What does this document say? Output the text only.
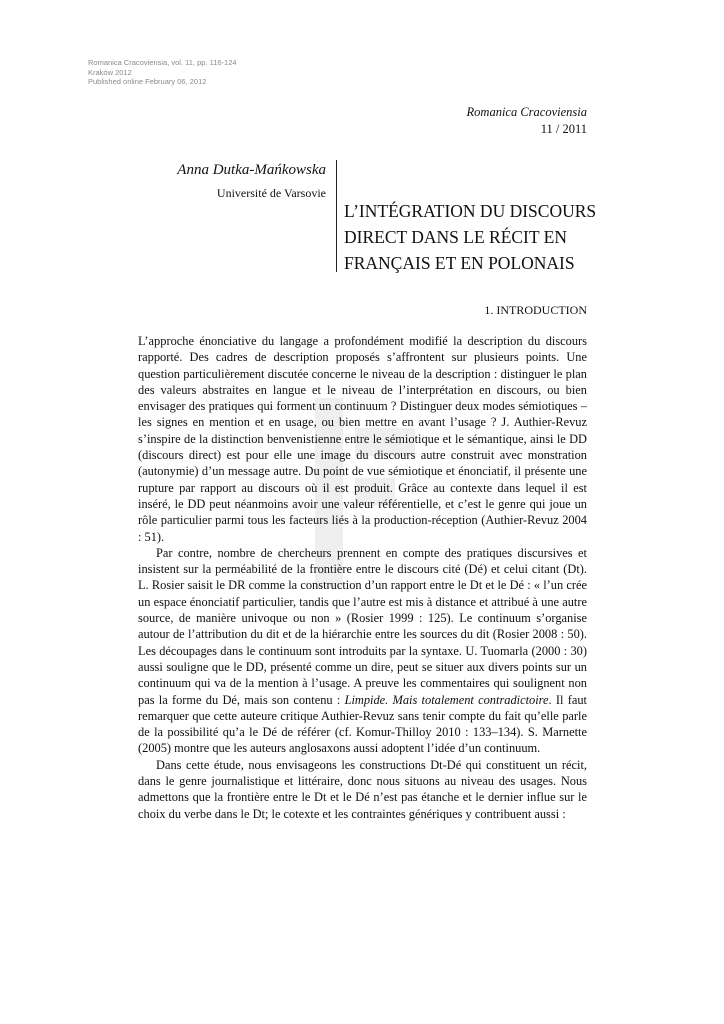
Romanica Cracoviensia, vol. 11, pp. 116-124
Kraków 2012
Published online February 06, 2012
Romanica Cracoviensia
11 / 2011
Anna Dutka-Mańkowska
Université de Varsovie
L’INTÉGRATION DU DISCOURS
DIRECT DANS LE RÉCIT EN
FRANÇAIS ET EN POLONAIS
1. INTRODUCTION

L’approche énonciative du langage a profondément modifié la description du discours rapporté. Des cadres de description proposés s’affrontent sur plusieurs points. Une question particulièrement discutée concerne le niveau de la description : distinguer le plan des valeurs abstraites en langue et le niveau de l’interprétation en discours, ou bien envisager des pratiques qui forment un continuum ? Distinguer deux modes sémiotiques – les signes en mention et en usage, ou bien mettre en avant l’usage ? J. Authier-Revuz s’inspire de la distinction benvenistienne entre le sémiotique et le sémantique, ainsi le DD (discours direct) est pour elle une image du discours autre construit avec monstration (autonymie) d’un message autre. Du point de vue sémiotique et énonciatif, il présente une rupture par rapport au discours où il est produit. Grâce au contexte dans lequel il est inséré, le DD peut néanmoins avoir une valeur référentielle, et c’est le genre qui joue un rôle particulier parmi tous les facteurs liés à la production-réception (Authier-Revuz 2004 : 51).

Par contre, nombre de chercheurs prennent en compte des pratiques discursives et insistent sur la perméabilité de la frontière entre le discours cité (Dé) et celui citant (Dt). L. Rosier saisit le DR comme la construction d’un rapport entre le Dt et le Dé : « l’un crée un espace énonciatif particulier, tandis que l’autre est mis à distance et attribué à une autre source, de manière univoque ou non » (Rosier 1999 : 125). Le continuum s’organise autour de l’attribution du dit et de la hiérarchie entre les sources du dit (Rosier 2008 : 50). Les découpages dans le continuum sont introduits par la syntaxe. U. Tuomarla (2000 : 30) aussi souligne que le DD, présenté comme un dire, peut se situer aux divers points sur un continuum qui va de la mention à l’usage. A preuve les commentaires qui soulignent non pas la forme du Dé, mais son contenu : Limpide. Mais totalement contradictoire. Il faut remarquer que cette auteure critique Authier-Revuz sans tenir compte du fait qu’elle parle de la possibilité qu’a le Dé de référer (cf. Komur-Thilloy 2010 : 133–134). S. Marnette (2005) montre que les auteurs anglosaxons aussi adoptent l’idée d’un continuum.

Dans cette étude, nous envisageons les constructions Dt-Dé qui constituent un récit, dans le genre journalistique et littéraire, donc nous situons au niveau des usages. Nous admettons que la frontière entre le Dt et le Dé n’est pas étanche et le dernier influe sur le choix du verbe dans le Dt; le cotexte et les contraintes génériques y contribuent aussi :
